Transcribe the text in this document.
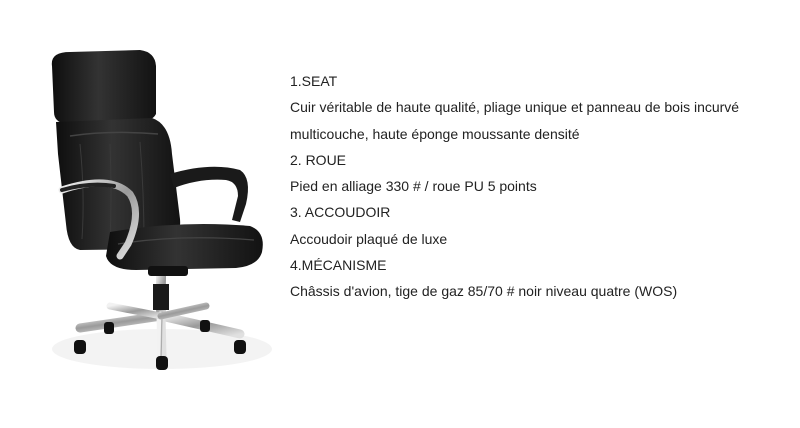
1.SEAT
Cuir véritable de haute qualité, pliage unique et panneau de bois incurvé
multicouche, haute éponge moussante densité
2. ROUE
Pied en alliage 330 # / roue PU 5 points
3. ACCOUDOIR
Accoudoir plaqué de luxe
4.MÉCANISME
Châssis d'avion, tige de gaz 85/70 # noir niveau quatre (WOS)
